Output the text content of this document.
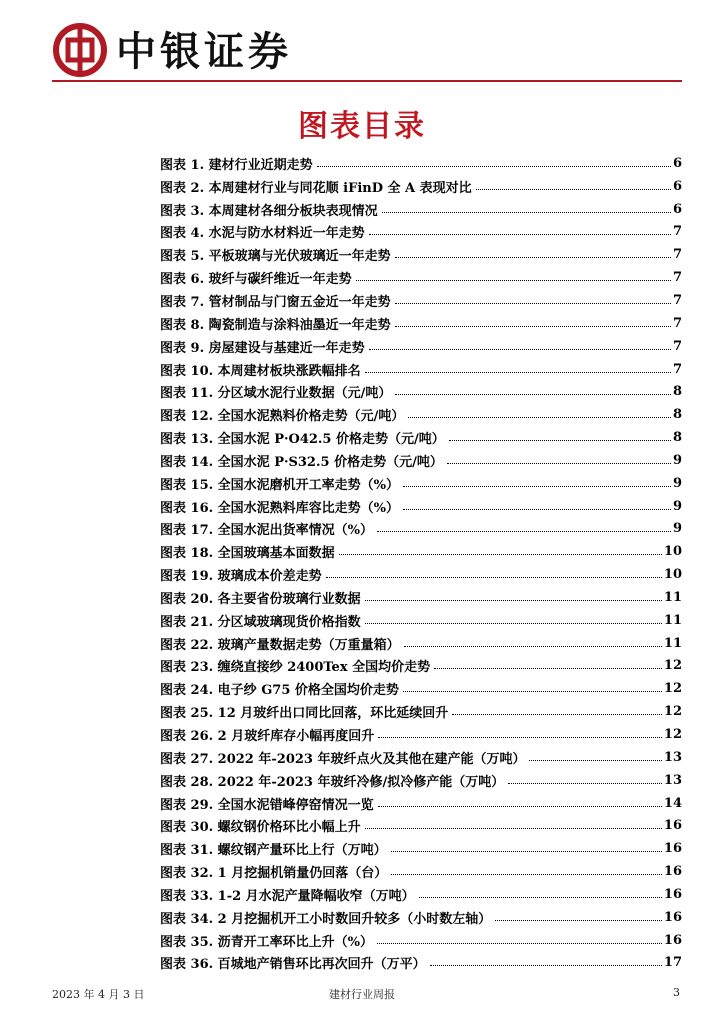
中银证券
图表目录
图表 1. 建材行业近期走势	6
图表 2. 本周建材行业与同花顺 iFinD 全 A 表现对比	6
图表 3. 本周建材各细分板块表现情况	6
图表 4. 水泥与防水材料近一年走势	7
图表 5. 平板玻璃与光伏玻璃近一年走势	7
图表 6. 玻纤与碳纤维近一年走势	7
图表 7. 管材制品与门窗五金近一年走势	7
图表 8. 陶瓷制造与涂料油墨近一年走势	7
图表 9. 房屋建设与基建近一年走势	7
图表 10. 本周建材板块涨跌幅排名	7
图表 11. 分区域水泥行业数据（元/吨）	8
图表 12. 全国水泥熟料价格走势（元/吨）	8
图表 13. 全国水泥 P·O42.5 价格走势（元/吨）	8
图表 14. 全国水泥 P·S32.5 价格走势（元/吨）	9
图表 15. 全国水泥磨机开工率走势（%）	9
图表 16. 全国水泥熟料库容比走势（%）	9
图表 17. 全国水泥出货率情况（%）	9
图表 18. 全国玻璃基本面数据	10
图表 19. 玻璃成本价差走势	10
图表 20. 各主要省份玻璃行业数据	11
图表 21. 分区域玻璃现货价格指数	11
图表 22. 玻璃产量数据走势（万重量箱）	11
图表 23. 缠绕直接纱 2400Tex 全国均价走势	12
图表 24. 电子纱 G75 价格全国均价走势	12
图表 25. 12 月玻纤出口同比回落，环比延续回升	12
图表 26. 2 月玻纤库存小幅再度回升	12
图表 27. 2022 年-2023 年玻纤点火及其他在建产能（万吨）	13
图表 28. 2022 年-2023 年玻纤冷修/拟冷修产能（万吨）	13
图表 29. 全国水泥错峰停窑情况一览	14
图表 30. 螺纹钢价格环比小幅上升	16
图表 31. 螺纹钢产量环比上行（万吨）	16
图表 32. 1 月挖掘机销量仍回落（台）	16
图表 33. 1-2 月水泥产量降幅收窄（万吨）	16
图表 34. 2 月挖掘机开工小时数回升较多（小时数左轴）	16
图表 35. 沥青开工率环比上升（%）	16
图表 36. 百城地产销售环比再次回升（万平）	17
2023 年 4 月 3 日	建材行业周报	3
